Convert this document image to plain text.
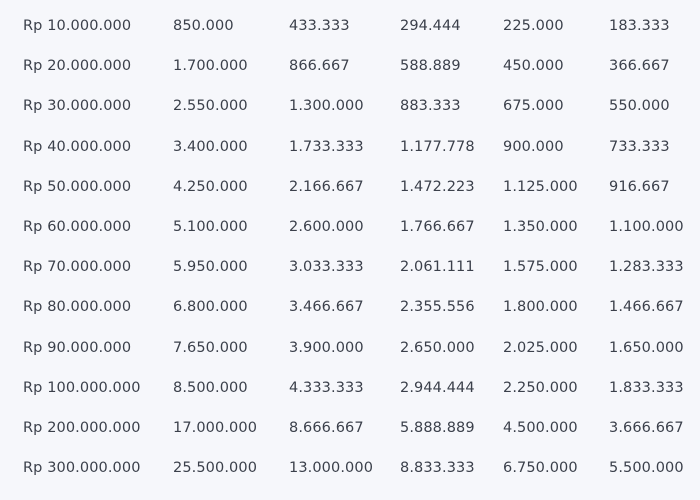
Rp 10.000.000	850.000	433.333	294.444	225.000	183.333
Rp 20.000.000	1.700.000	866.667	588.889	450.000	366.667
Rp 30.000.000	2.550.000	1.300.000	883.333	675.000	550.000
Rp 40.000.000	3.400.000	1.733.333	1.177.778	900.000	733.333
Rp 50.000.000	4.250.000	2.166.667	1.472.223	1.125.000	916.667
Rp 60.000.000	5.100.000	2.600.000	1.766.667	1.350.000	1.100.000
Rp 70.000.000	5.950.000	3.033.333	2.061.111	1.575.000	1.283.333
Rp 80.000.000	6.800.000	3.466.667	2.355.556	1.800.000	1.466.667
Rp 90.000.000	7.650.000	3.900.000	2.650.000	2.025.000	1.650.000
Rp 100.000.000	8.500.000	4.333.333	2.944.444	2.250.000	1.833.333
Rp 200.000.000	17.000.000	8.666.667	5.888.889	4.500.000	3.666.667
Rp 300.000.000	25.500.000	13.000.000	8.833.333	6.750.000	5.500.000
